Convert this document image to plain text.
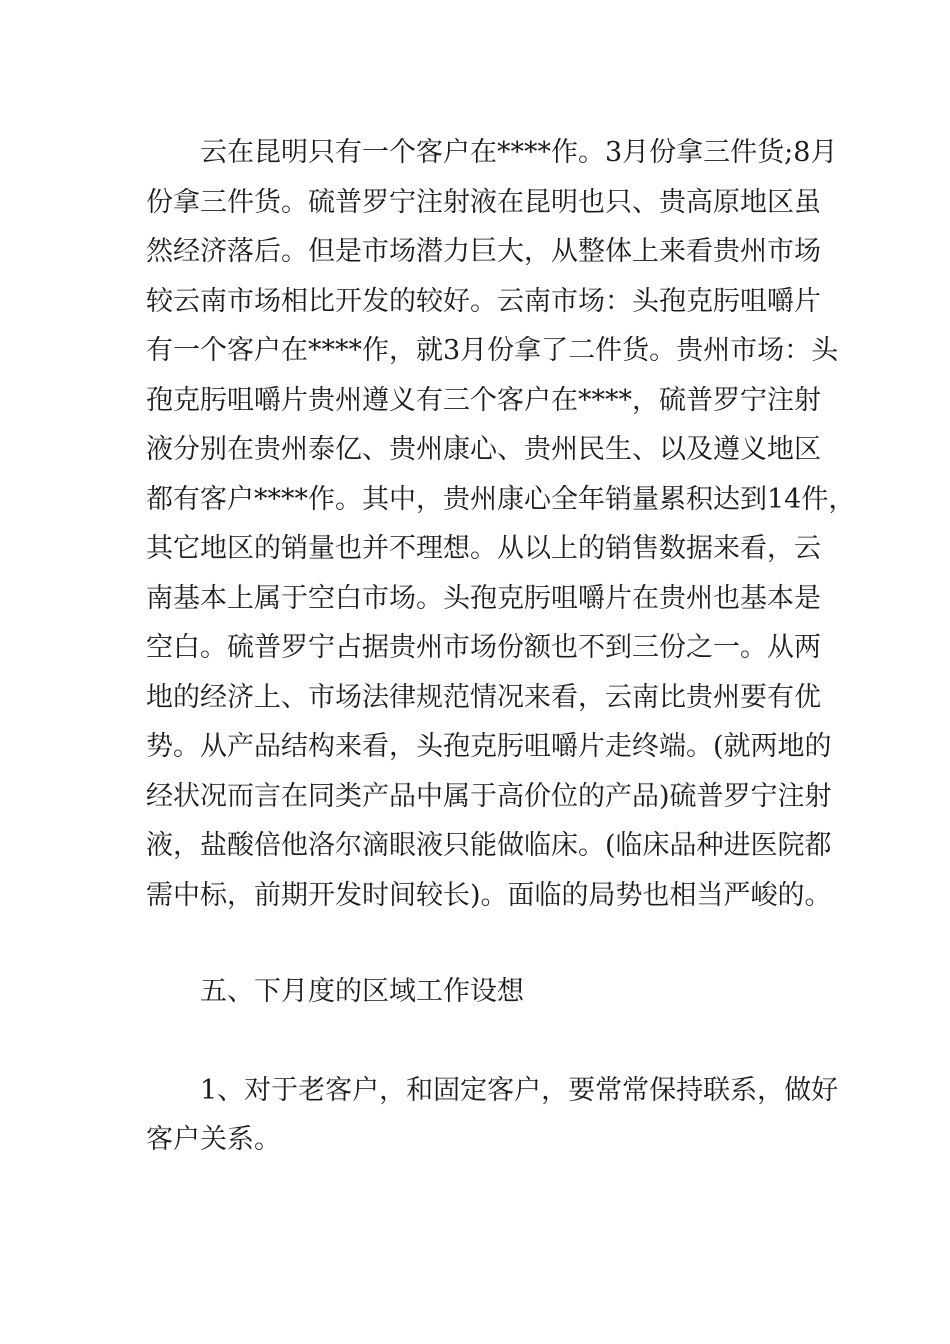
云在昆明只有一个客户在****作。3月份拿三件货;8月
份拿三件货。硫普罗宁注射液在昆明也只、贵高原地区虽
然经济落后。但是市场潜力巨大，从整体上来看贵州市场
较云南市场相比开发的较好。云南市场：头孢克肟咀嚼片
有一个客户在****作，就3月份拿了二件货。贵州市场：头
孢克肟咀嚼片贵州遵义有三个客户在****，硫普罗宁注射
液分别在贵州泰亿、贵州康心、贵州民生、以及遵义地区
都有客户****作。其中，贵州康心全年销量累积达到14件，
其它地区的销量也并不理想。从以上的销售数据来看，云
南基本上属于空白市场。头孢克肟咀嚼片在贵州也基本是
空白。硫普罗宁占据贵州市场份额也不到三份之一。从两
地的经济上、市场法律规范情况来看，云南比贵州要有优
势。从产品结构来看，头孢克肟咀嚼片走终端。(就两地的
经状况而言在同类产品中属于高价位的产品)硫普罗宁注射
液，盐酸倍他洛尔滴眼液只能做临床。(临床品种进医院都
需中标，前期开发时间较长)。面临的局势也相当严峻的。
五、下月度的区域工作设想
1、对于老客户，和固定客户，要常常保持联系，做好
客户关系。
